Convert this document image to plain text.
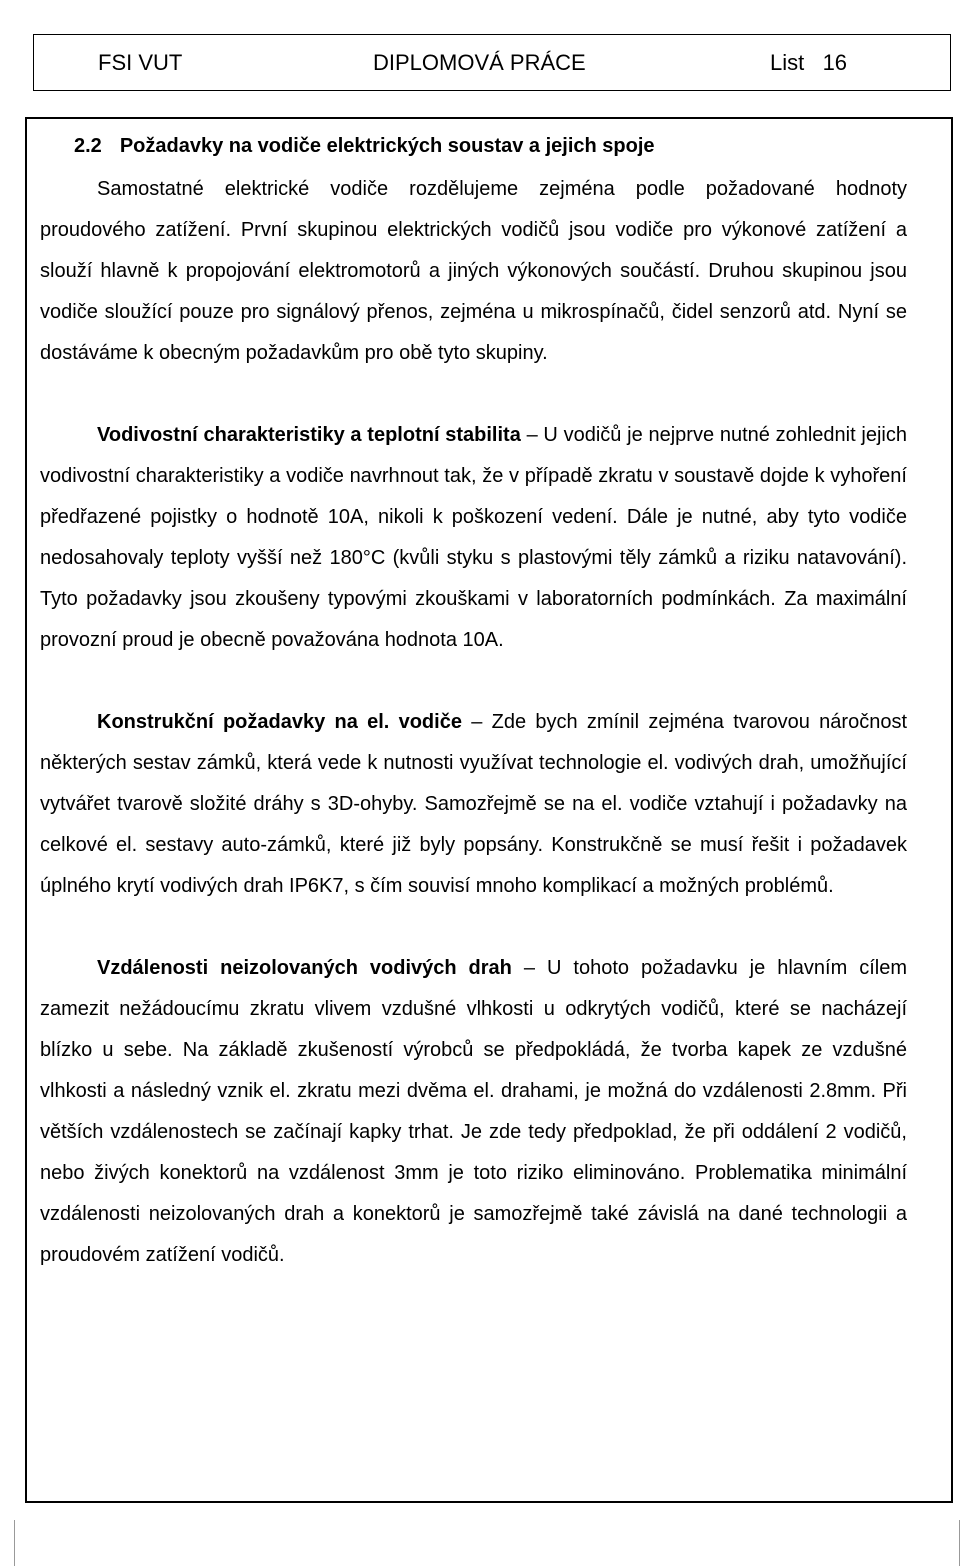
FSI VUT	DIPLOMOVÁ PRÁCE	List   16
2.2 Požadavky na vodiče elektrických soustav a jejich spoje

Samostatné elektrické vodiče rozdělujeme zejména podle požadované hodnoty proudového zatížení. První skupinou elektrických vodičů jsou vodiče pro výkonové zatížení a slouží hlavně k propojování elektromotorů a jiných výkonových součástí. Druhou skupinou jsou vodiče sloužící pouze pro signálový přenos, zejména u mikrospínačů, čidel senzorů atd. Nyní se dostáváme k obecným požadavkům pro obě tyto skupiny.

Vodivostní charakteristiky a teplotní stabilita – U vodičů je nejprve nutné zohlednit jejich vodivostní charakteristiky a vodiče navrhnout tak, že v případě zkratu v soustavě dojde k vyhoření předřazené pojistky o hodnotě 10A, nikoli k poškození vedení. Dále je nutné, aby tyto vodiče nedosahovaly teploty vyšší než 180°C (kvůli styku s plastovými těly zámků a riziku natavování). Tyto požadavky jsou zkoušeny typovými zkouškami v laboratorních podmínkách. Za maximální provozní proud je obecně považována hodnota 10A.

Konstrukční požadavky na el. vodiče – Zde bych zmínil zejména tvarovou náročnost některých sestav zámků, která vede k nutnosti využívat technologie el. vodivých drah, umožňující vytvářet tvarově složité dráhy s 3D-ohyby. Samozřejmě se na el. vodiče vztahují i požadavky na celkové el. sestavy auto-zámků, které již byly popsány. Konstrukčně se musí řešit i požadavek úplného krytí vodivých drah IP6K7, s čím souvisí mnoho komplikací a možných problémů.

Vzdálenosti neizolovaných vodivých drah – U tohoto požadavku je hlavním cílem zamezit nežádoucímu zkratu vlivem vzdušné vlhkosti u odkrytých vodičů, které se nacházejí blízko u sebe. Na základě zkušeností výrobců se předpokládá, že tvorba kapek ze vzdušné vlhkosti a následný vznik el. zkratu mezi dvěma el. drahami, je možná do vzdálenosti 2.8mm. Při větších vzdálenostech se začínají kapky trhat. Je zde tedy předpoklad, že při oddálení 2 vodičů, nebo živých konektorů na vzdálenost 3mm je toto riziko eliminováno. Problematika minimální vzdálenosti neizolovaných drah a konektorů je samozřejmě také závislá na dané technologii a proudovém zatížení vodičů.
